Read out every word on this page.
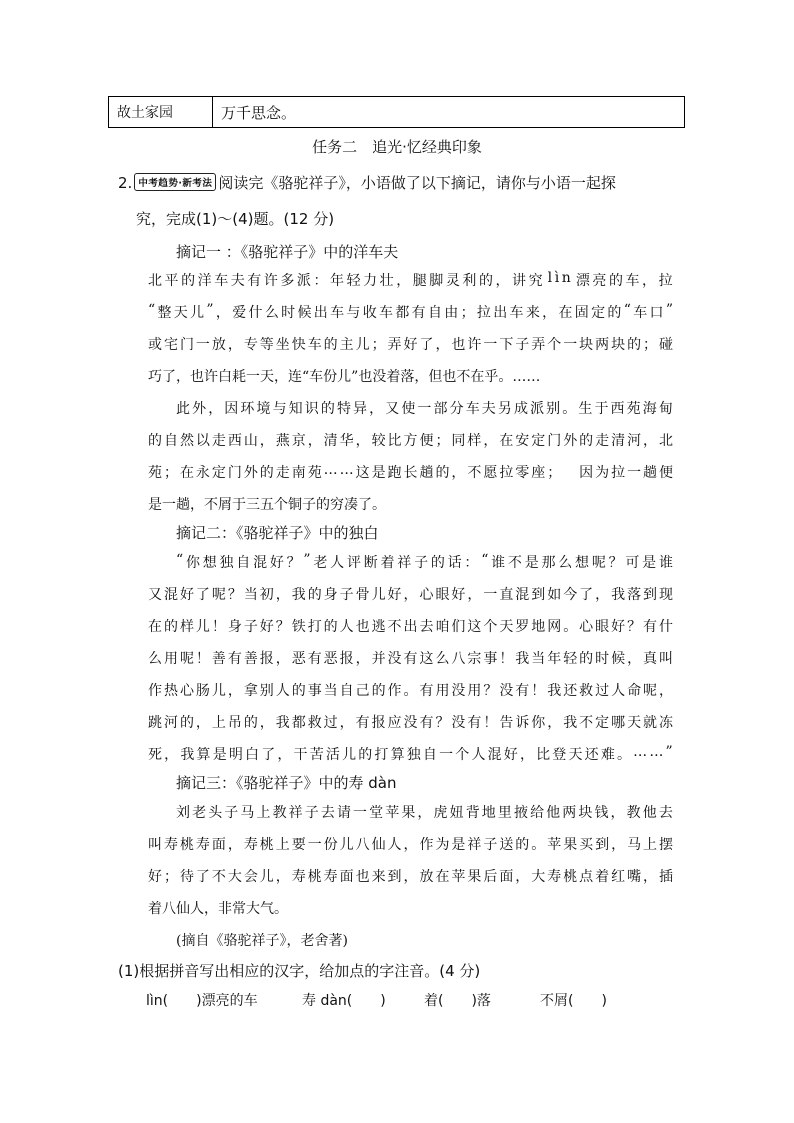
故土家园	万千思念。
任务二　追光·忆经典印象
2. 中考趋势·新考法 阅读完《骆驼祥子》，小语做了以下摘记，请你与小语一起探
究，完成(1)～(4)题。(12 分)
摘记一 ：《骆驼祥子》中的洋车夫
北 平 的 洋 车 夫 有 许 多 派 ： 年 轻 力 壮 ， 腿 脚 灵 利 的 ， 讲 究 l ì n 漂 亮 的 车 ， 拉
“ 整 天 儿 ” ， 爱 什 么 时 候 出 车 与 收 车 都 有 自 由 ； 拉 出 车 来 ， 在 固 定 的 “ 车 口 ”
或 宅 门 一 放 ， 专 等 坐 快 车 的 主 儿 ； 弄 好 了 ， 也 许 一 下 子 弄 个 一 块 两 块 的 ； 碰
巧了，也许白耗一天，连“车份儿”也没着落，但也不在乎。……
此 外 ， 因 环 境 与 知 识 的 特 异 ， 又 使 一 部 分 车 夫 另 成 派 别 。 生 于 西 苑 海 甸
的 自 然 以 走 西 山 ， 燕 京 ， 清 华 ， 较 比 方 便 ； 同 样 ， 在 安 定 门 外 的 走 清 河 ， 北
苑 ； 在 永 定 门 外 的 走 南 苑 … … 这 是 跑 长 趟 的 ， 不 愿 拉 零 座 ；
　 因 为 拉 一 趟 便
是一趟，不屑于三五个铜子的穷凑了。
摘记二：《骆驼祥子》中的独白
“ 你 想 独 自 混 好 ？ ” 老 人 评 断 着 祥 子 的 话 ： “ 谁 不 是 那 么 想 呢 ？ 可 是 谁
又 混 好 了 呢 ？ 当 初 ， 我 的 身 子 骨 儿 好 ， 心 眼 好 ， 一 直 混 到 如 今 了 ， 我 落 到 现
在 的 样 儿 ！ 身 子 好 ？ 铁 打 的 人 也 逃 不 出 去 咱 们 这 个 天 罗 地 网 。 心 眼 好 ？ 有 什
么 用 呢 ！ 善 有 善 报 ， 恶 有 恶 报 ， 并 没 有 这 么 八 宗 事 ！ 我 当 年 轻 的 时 候 ， 真 叫
作 热 心 肠 儿 ， 拿 别 人 的 事 当 自 己 的 作 。 有 用 没 用 ？ 没 有 ！ 我 还 救 过 人 命 呢 ，
跳 河 的 ， 上 吊 的 ， 我 都 救 过 ， 有 报 应 没 有 ？ 没 有 ！ 告 诉 你 ， 我 不 定 哪 天 就 冻
死 ， 我 算 是 明 白 了 ， 干 苦 活 儿 的 打 算 独 自 一 个 人 混 好 ， 比 登 天 还 难 。 … … ”
摘记三：《骆驼祥子》中的寿 dàn
刘 老 头 子 马 上 教 祥 子 去 请 一 堂 苹 果 ， 虎 妞 背 地 里 掖 给 他 两 块 钱 ， 教 他 去
叫 寿 桃 寿 面 ， 寿 桃 上 要 一 份 儿 八 仙 人 ， 作 为 是 祥 子 送 的 。 苹 果 买 到 ， 马 上 摆
好 ； 待 了 不 大 会 儿 ， 寿 桃 寿 面 也 来 到 ， 放 在 苹 果 后 面 ， 大 寿 桃 点 着 红 嘴 ， 插
着八仙人，非常大气。
(摘自《骆驼祥子》，老舍著)
(1)根据拼音写出相应的汉字，给加点的字注音。(4 分)
lìn(　　)漂亮的车	寿 dàn(　　)	着(　　)落	不屑(　　)
